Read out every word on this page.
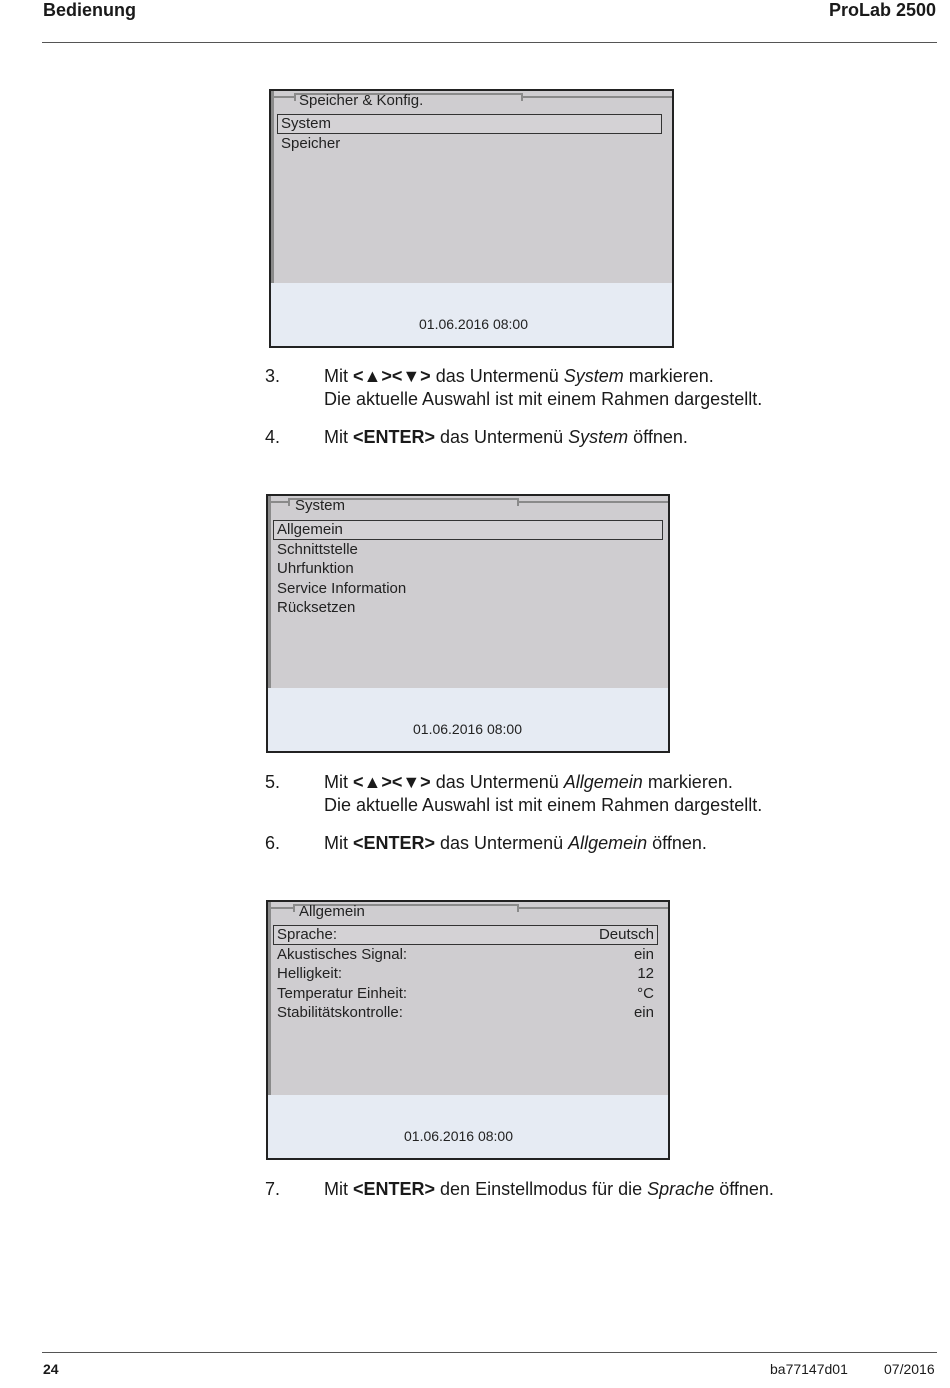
Bedienung	ProLab 2500
Speicher & Konfig.
System
Speicher
01.06.2016 08:00
3. Mit <▲><▼> das Untermenü System markieren.
Die aktuelle Auswahl ist mit einem Rahmen dargestellt.
4. Mit <ENTER> das Untermenü System öffnen.
System
Allgemein
Schnittstelle
Uhrfunktion
Service Information
Rücksetzen
01.06.2016 08:00
5. Mit <▲><▼> das Untermenü Allgemein markieren.
Die aktuelle Auswahl ist mit einem Rahmen dargestellt.
6. Mit <ENTER> das Untermenü Allgemein öffnen.
Allgemein
Sprache:	Deutsch
Akustisches Signal:	ein
Helligkeit:	12
Temperatur Einheit:	°C
Stabilitätskontrolle:	ein
01.06.2016 08:00
7. Mit <ENTER> den Einstellmodus für die Sprache öffnen.
24	ba77147d01	07/2016
